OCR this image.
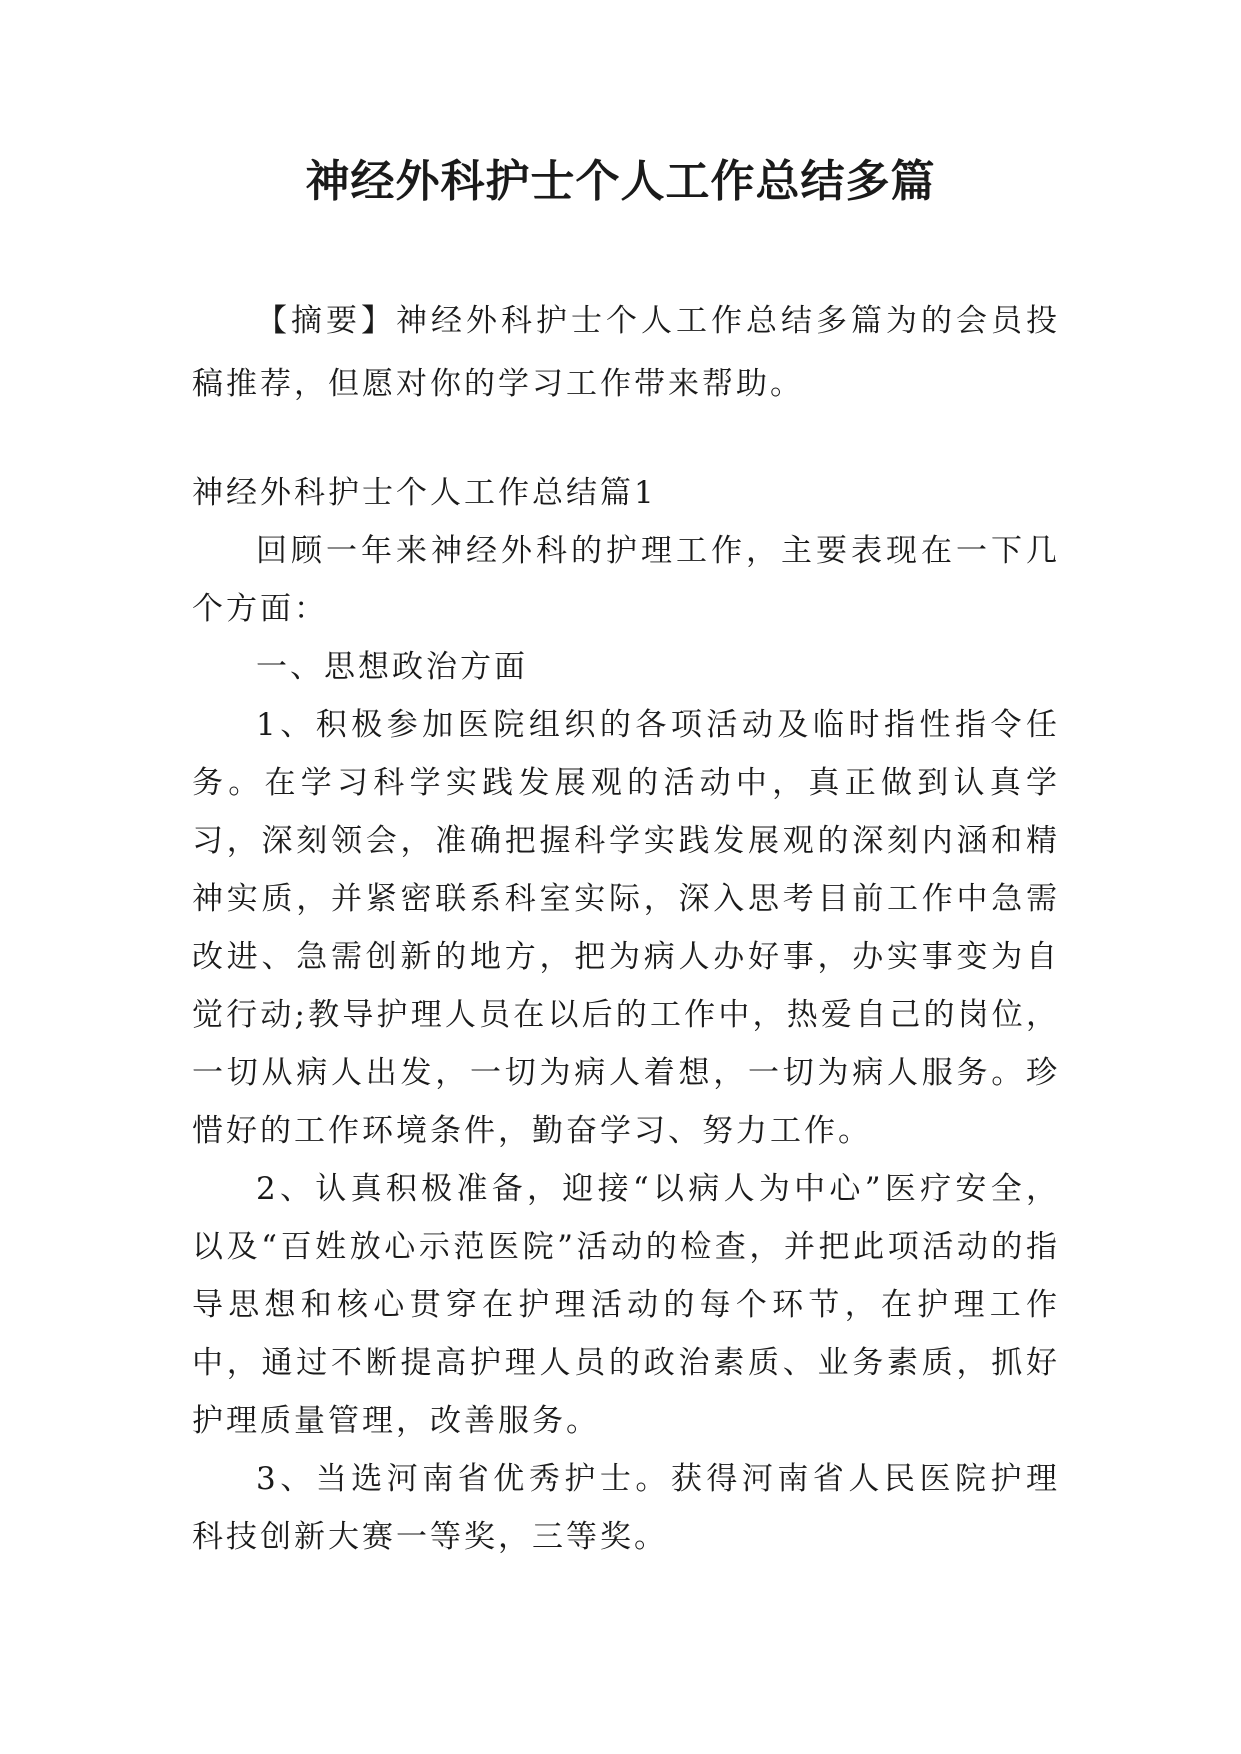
神经外科护士个人工作总结多篇

【摘要】神经外科护士个人工作总结多篇为的会员投稿推荐，但愿对你的学习工作带来帮助。

神经外科护士个人工作总结篇1

回顾一年来神经外科的护理工作，主要表现在一下几个方面：

一、思想政治方面

1、积极参加医院组织的各项活动及临时指性指令任务。在学习科学实践发展观的活动中，真正做到认真学习，深刻领会，准确把握科学实践发展观的深刻内涵和精神实质，并紧密联系科室实际，深入思考目前工作中急需改进、急需创新的地方，把为病人办好事，办实事变为自觉行动;教导护理人员在以后的工作中，热爱自己的岗位，一切从病人出发，一切为病人着想，一切为病人服务。珍惜好的工作环境条件，勤奋学习、努力工作。

2、认真积极准备，迎接“以病人为中心”医疗安全，以及“百姓放心示范医院”活动的检查，并把此项活动的指导思想和核心贯穿在护理活动的每个环节，在护理工作中，通过不断提高护理人员的政治素质、业务素质，抓好护理质量管理，改善服务。

3、当选河南省优秀护士。获得河南省人民医院护理科技创新大赛一等奖，三等奖。
